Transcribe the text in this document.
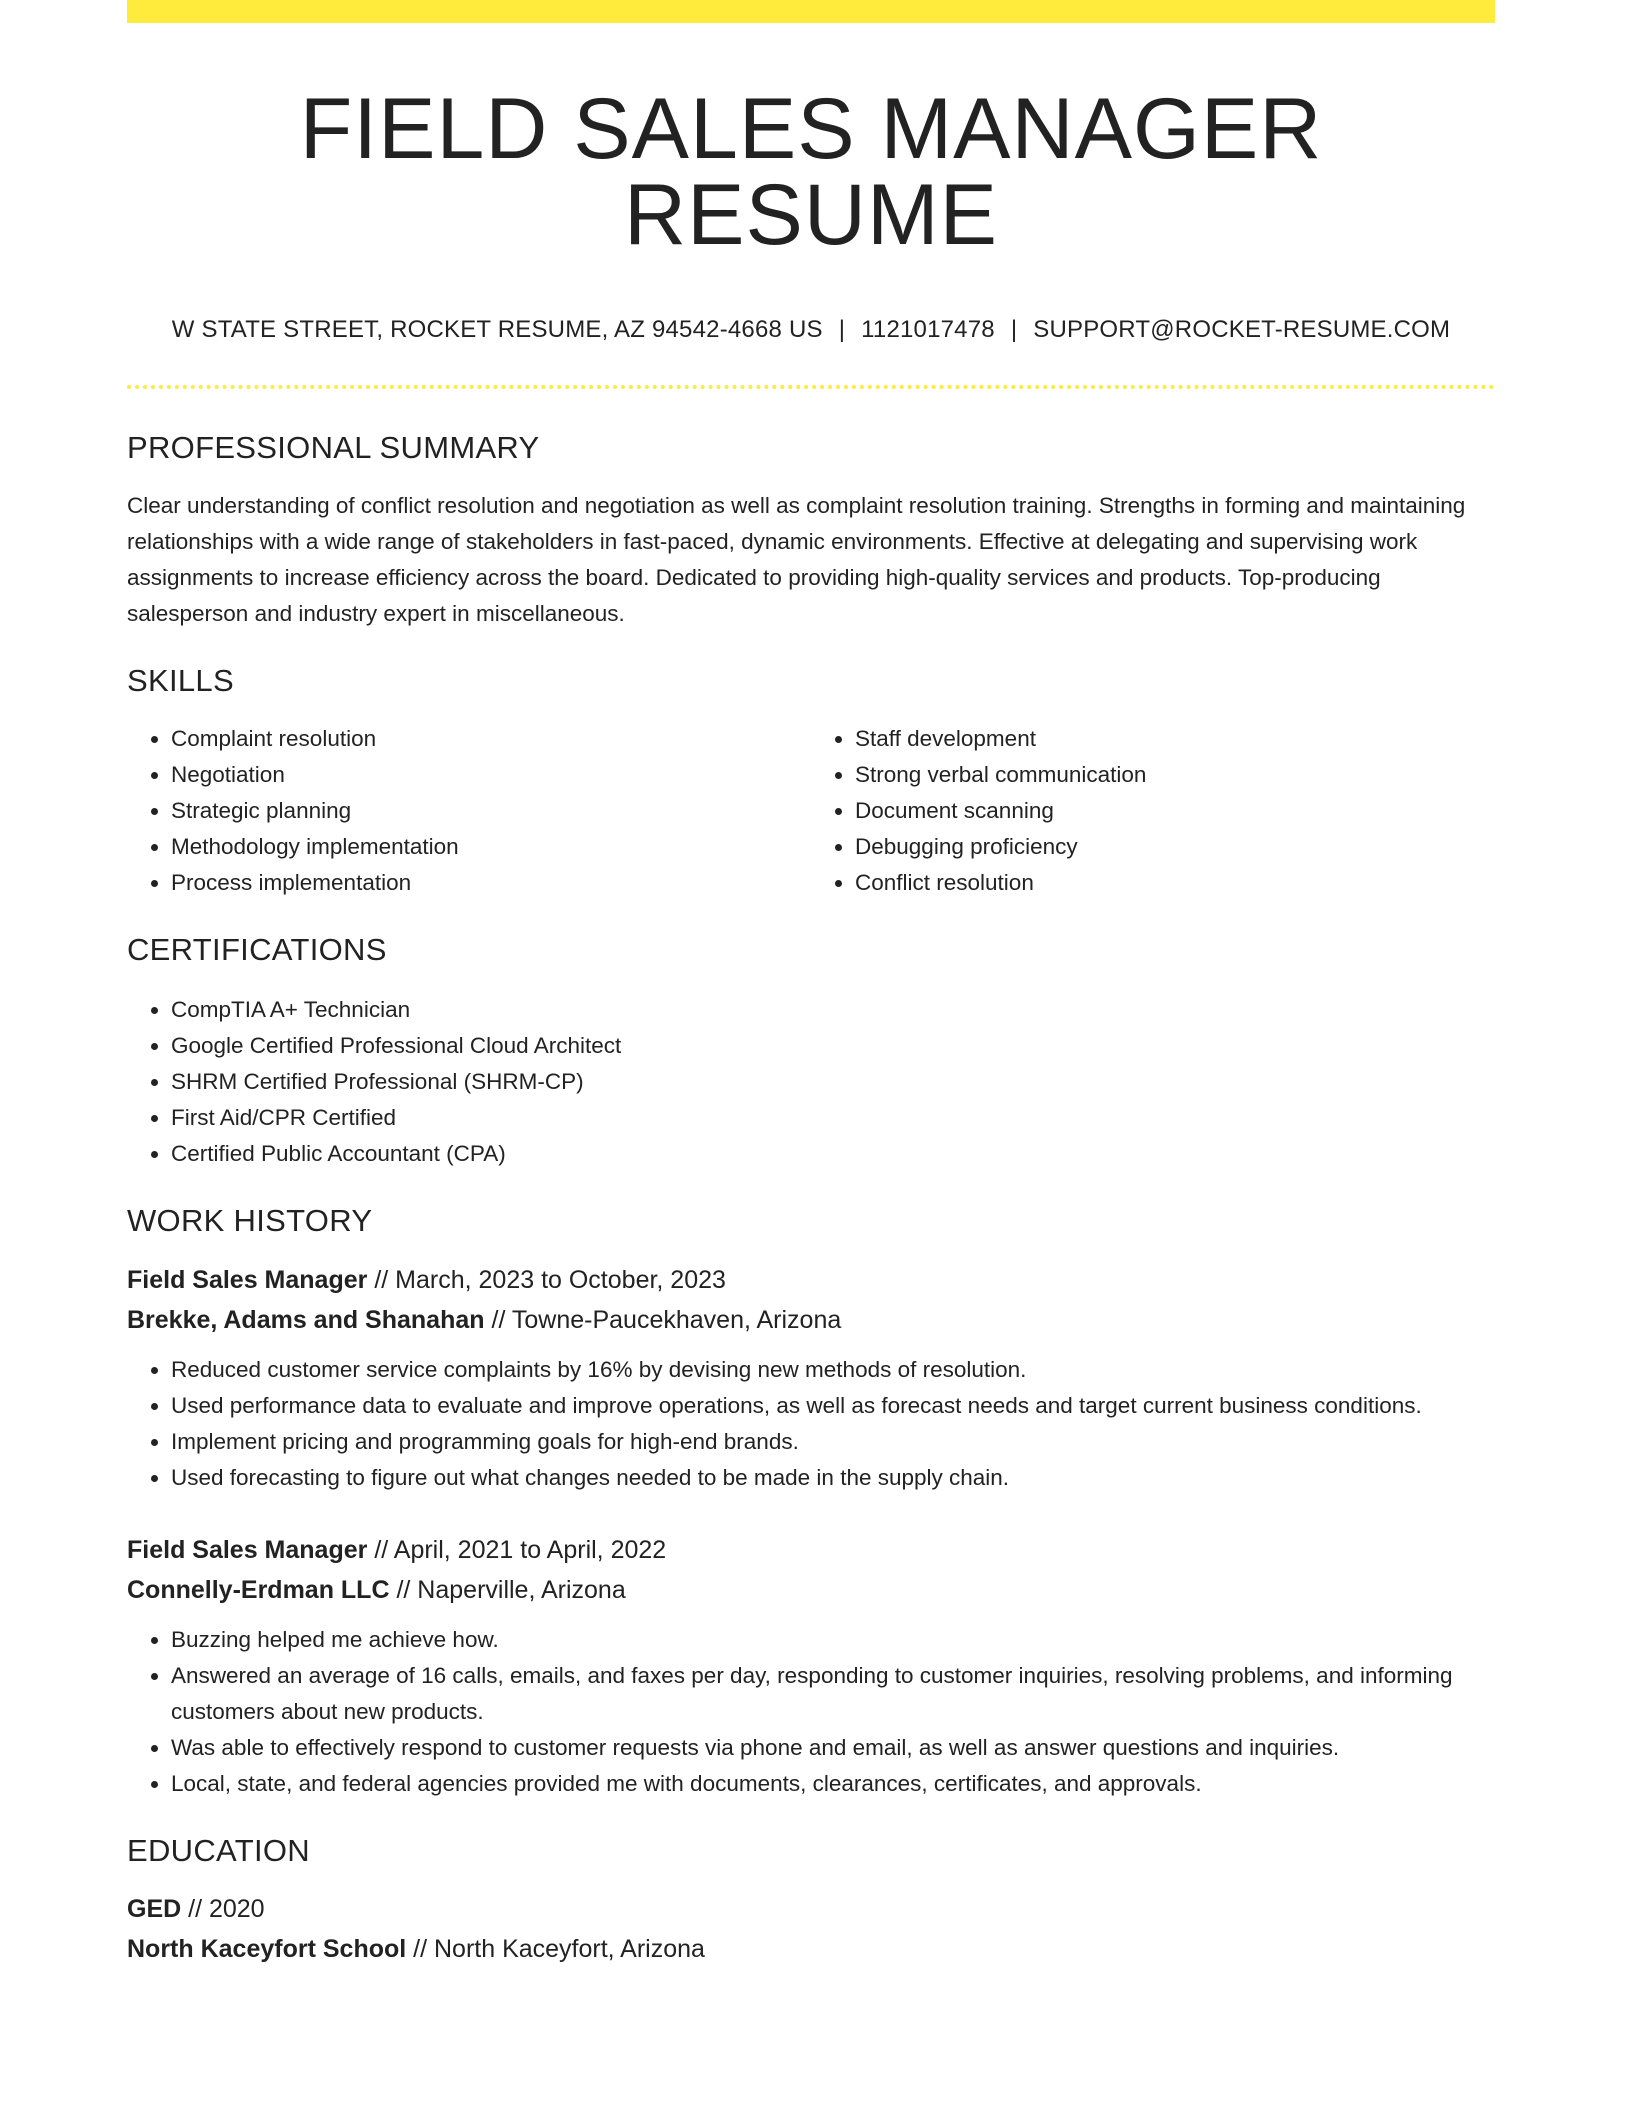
FIELD SALES MANAGER RESUME
W STATE STREET, ROCKET RESUME, AZ 94542-4668 US | 1121017478 | SUPPORT@ROCKET-RESUME.COM
PROFESSIONAL SUMMARY
Clear understanding of conflict resolution and negotiation as well as complaint resolution training. Strengths in forming and maintaining relationships with a wide range of stakeholders in fast-paced, dynamic environments. Effective at delegating and supervising work assignments to increase efficiency across the board. Dedicated to providing high-quality services and products. Top-producing salesperson and industry expert in miscellaneous.
SKILLS
• Complaint resolution
• Negotiation
• Strategic planning
• Methodology implementation
• Process implementation
• Staff development
• Strong verbal communication
• Document scanning
• Debugging proficiency
• Conflict resolution
CERTIFICATIONS
• CompTIA A+ Technician
• Google Certified Professional Cloud Architect
• SHRM Certified Professional (SHRM-CP)
• First Aid/CPR Certified
• Certified Public Accountant (CPA)
WORK HISTORY
Field Sales Manager // March, 2023 to October, 2023
Brekke, Adams and Shanahan // Towne-Paucekhaven, Arizona
• Reduced customer service complaints by 16% by devising new methods of resolution.
• Used performance data to evaluate and improve operations, as well as forecast needs and target current business conditions.
• Implement pricing and programming goals for high-end brands.
• Used forecasting to figure out what changes needed to be made in the supply chain.
Field Sales Manager // April, 2021 to April, 2022
Connelly-Erdman LLC // Naperville, Arizona
• Buzzing helped me achieve how.
• Answered an average of 16 calls, emails, and faxes per day, responding to customer inquiries, resolving problems, and informing customers about new products.
• Was able to effectively respond to customer requests via phone and email, as well as answer questions and inquiries.
• Local, state, and federal agencies provided me with documents, clearances, certificates, and approvals.
EDUCATION
GED // 2020
North Kaceyfort School // North Kaceyfort, Arizona
